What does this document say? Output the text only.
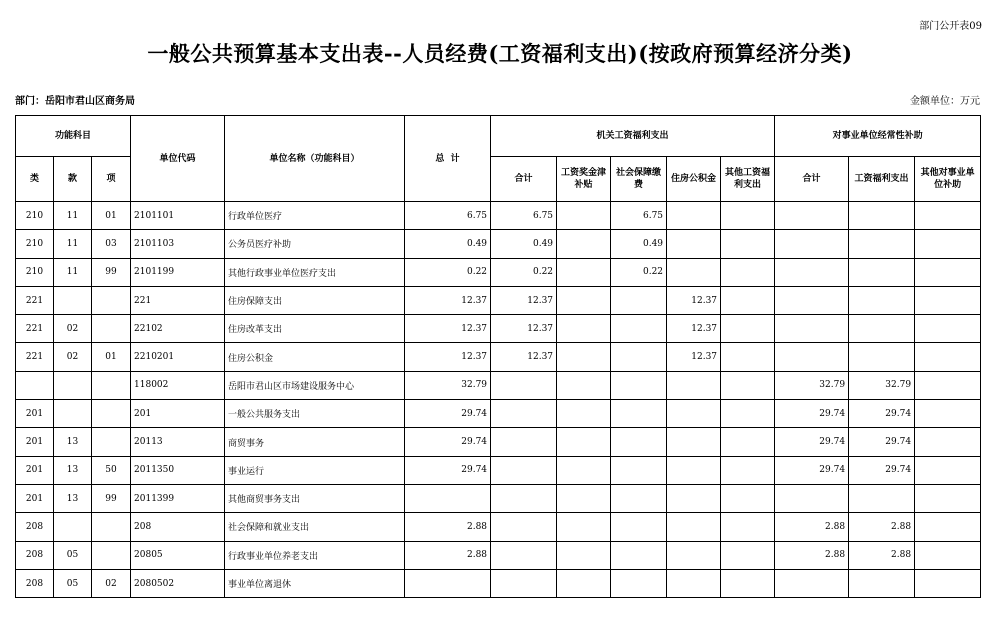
部门公开表09
一般公共预算基本支出表--人员经费(工资福利支出)(按政府预算经济分类)
部门：岳阳市君山区商务局	金额单位：万元
功能科目			单位代码	单位名称（功能科目）	总  计	机关工资福利支出					对事业单位经常性补助		
类	款	项				合计	工资奖金津补贴	社会保障缴费	住房公积金	其他工资福利支出	合计	工资福利支出	其他对事业单位补助
210	11	01	2101101	行政单位医疗	6.75	6.75		6.75					
210	11	03	2101103	公务员医疗补助	0.49	0.49		0.49					
210	11	99	2101199	其他行政事业单位医疗支出	0.22	0.22		0.22					
221			221	住房保障支出	12.37	12.37			12.37				
221	02		22102	住房改革支出	12.37	12.37			12.37				
221	02	01	2210201	住房公积金	12.37	12.37			12.37				
			118002	岳阳市君山区市场建设服务中心	32.79						32.79	32.79	
201			201	一般公共服务支出	29.74						29.74	29.74	
201	13		20113	商贸事务	29.74						29.74	29.74	
201	13	50	2011350	事业运行	29.74						29.74	29.74	
201	13	99	2011399	其他商贸事务支出									
208			208	社会保障和就业支出	2.88						2.88	2.88	
208	05		20805	行政事业单位养老支出	2.88						2.88	2.88	
208	05	02	2080502	事业单位离退休									
